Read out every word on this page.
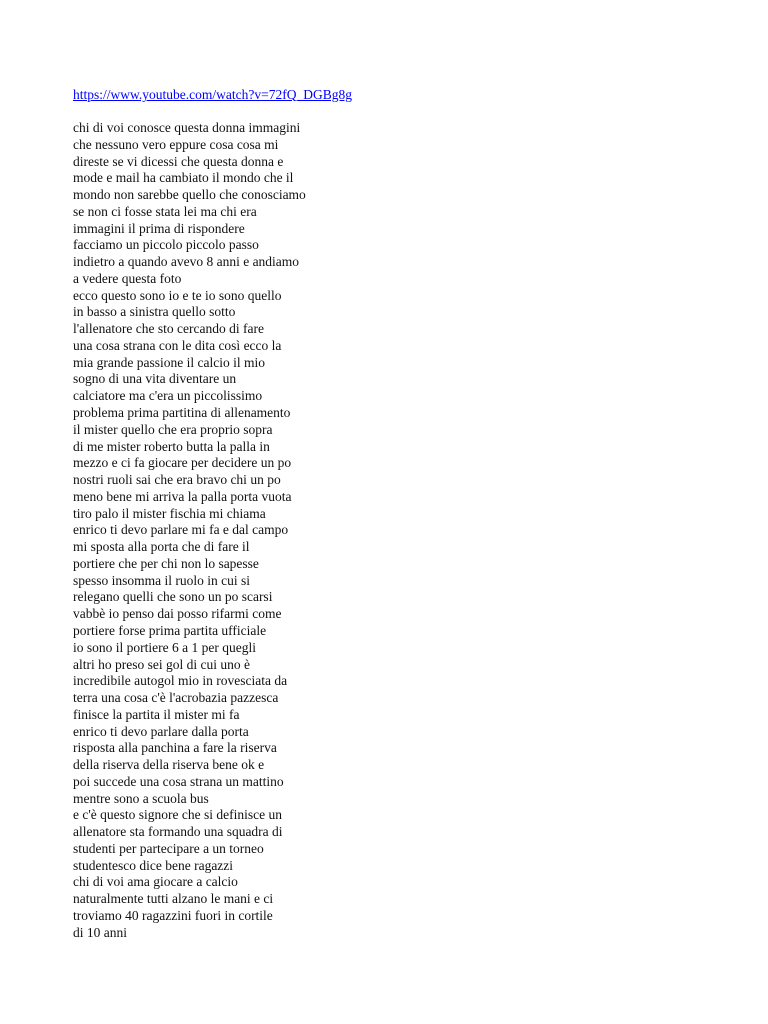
https://www.youtube.com/watch?v=72fQ_DGBg8g
chi di voi conosce questa donna immagini
che nessuno vero eppure cosa cosa mi
direste se vi dicessi che questa donna e
mode e mail ha cambiato il mondo che il
mondo non sarebbe quello che conosciamo
se non ci fosse stata lei ma chi era
immagini il prima di rispondere
facciamo un piccolo piccolo passo
indietro a quando avevo 8 anni e andiamo
a vedere questa foto
ecco questo sono io e te io sono quello
in basso a sinistra quello sotto
l'allenatore che sto cercando di fare
una cosa strana con le dita così ecco la
mia grande passione il calcio il mio
sogno di una vita diventare un
calciatore ma c'era un piccolissimo
problema prima partitina di allenamento
il mister quello che era proprio sopra
di me mister roberto butta la palla in
mezzo e ci fa giocare per decidere un po
nostri ruoli sai che era bravo chi un po
meno bene mi arriva la palla porta vuota
tiro palo il mister fischia mi chiama
enrico ti devo parlare mi fa e dal campo
mi sposta alla porta che di fare il
portiere che per chi non lo sapesse
spesso insomma il ruolo in cui si
relegano quelli che sono un po scarsi
vabbè io penso dai posso rifarmi come
portiere forse prima partita ufficiale
io sono il portiere 6 a 1 per quegli
altri ho preso sei gol di cui uno è
incredibile autogol mio in rovesciata da
terra una cosa c'è l'acrobazia pazzesca
finisce la partita il mister mi fa
enrico ti devo parlare dalla porta
risposta alla panchina a fare la riserva
della riserva della riserva bene ok e
poi succede una cosa strana un mattino
mentre sono a scuola bus
e c'è questo signore che si definisce un
allenatore sta formando una squadra di
studenti per partecipare a un torneo
studentesco dice bene ragazzi
chi di voi ama giocare a calcio
naturalmente tutti alzano le mani e ci
troviamo 40 ragazzini fuori in cortile
di 10 anni
